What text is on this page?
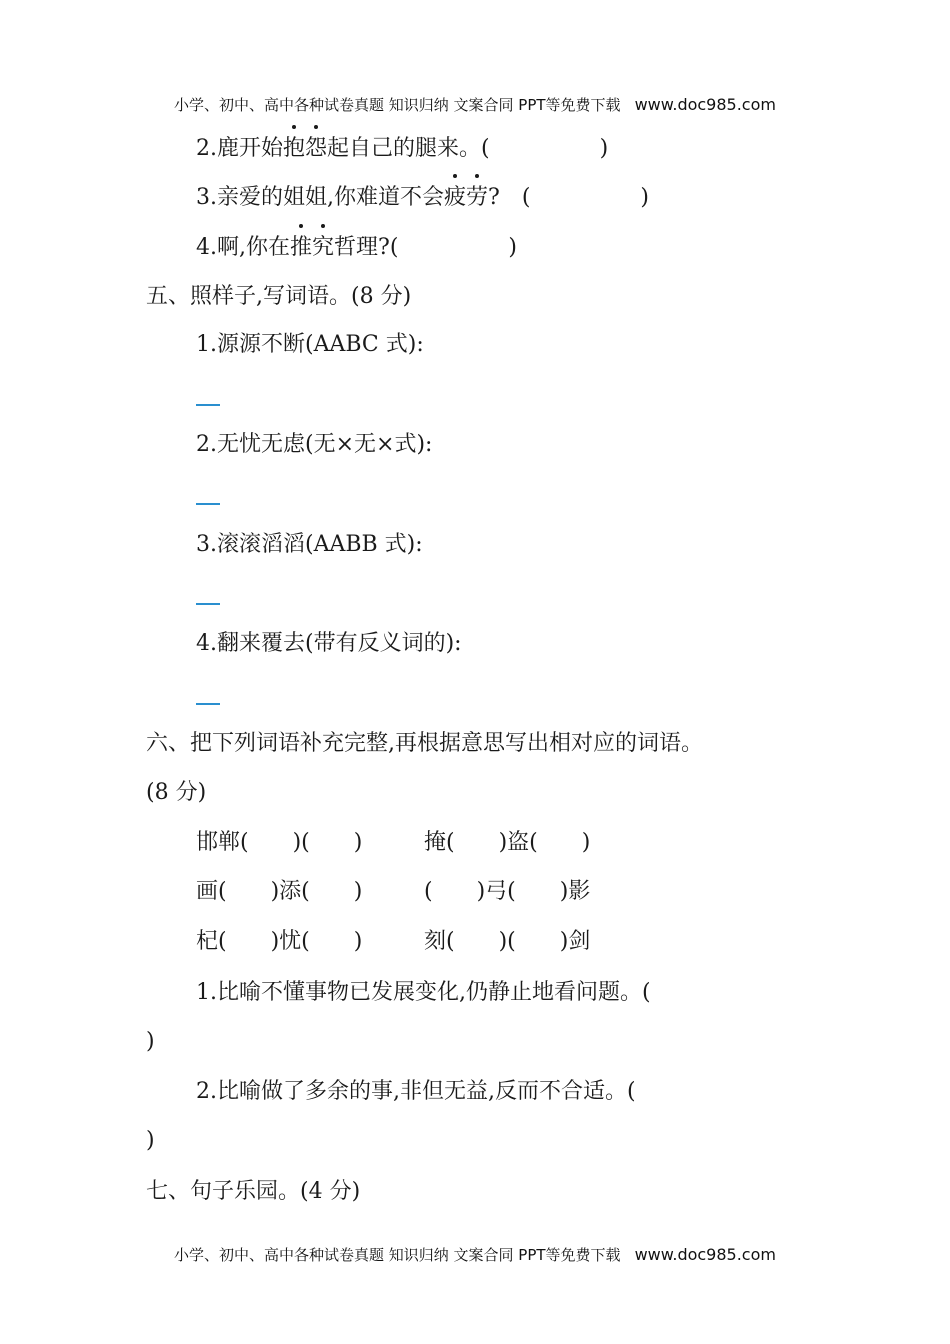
小学、初中、高中各种试卷真题 知识归纳 文案合同 PPT等免费下载 www.doc985.com
2.鹿开始抱怨起自己的腿来。(　　　　　)
3.亲爱的姐姐,你难道不会疲劳?　(　　　　　)
4.啊,你在推究哲理?(　　　　　)
五、照样子,写词语。(8 分)
1.源源不断(AABC 式):
2.无忧无虑(无×无×式):
3.滚滚滔滔(AABB 式):
4.翻来覆去(带有反义词的):
六、把下列词语补充完整,再根据意思写出相对应的词语。
(8 分)
邯郸(　　)(　　)	掩(　　)盗(　　)
画(　　)添(　　)	(　　)弓(　　)影
杞(　　)忧(　　)	刻(　　)(　　)剑
1.比喻不懂事物已发展变化,仍静止地看问题。(
)
2.比喻做了多余的事,非但无益,反而不合适。(
)
七、句子乐园。(4 分)
小学、初中、高中各种试卷真题 知识归纳 文案合同 PPT等免费下载 www.doc985.com
